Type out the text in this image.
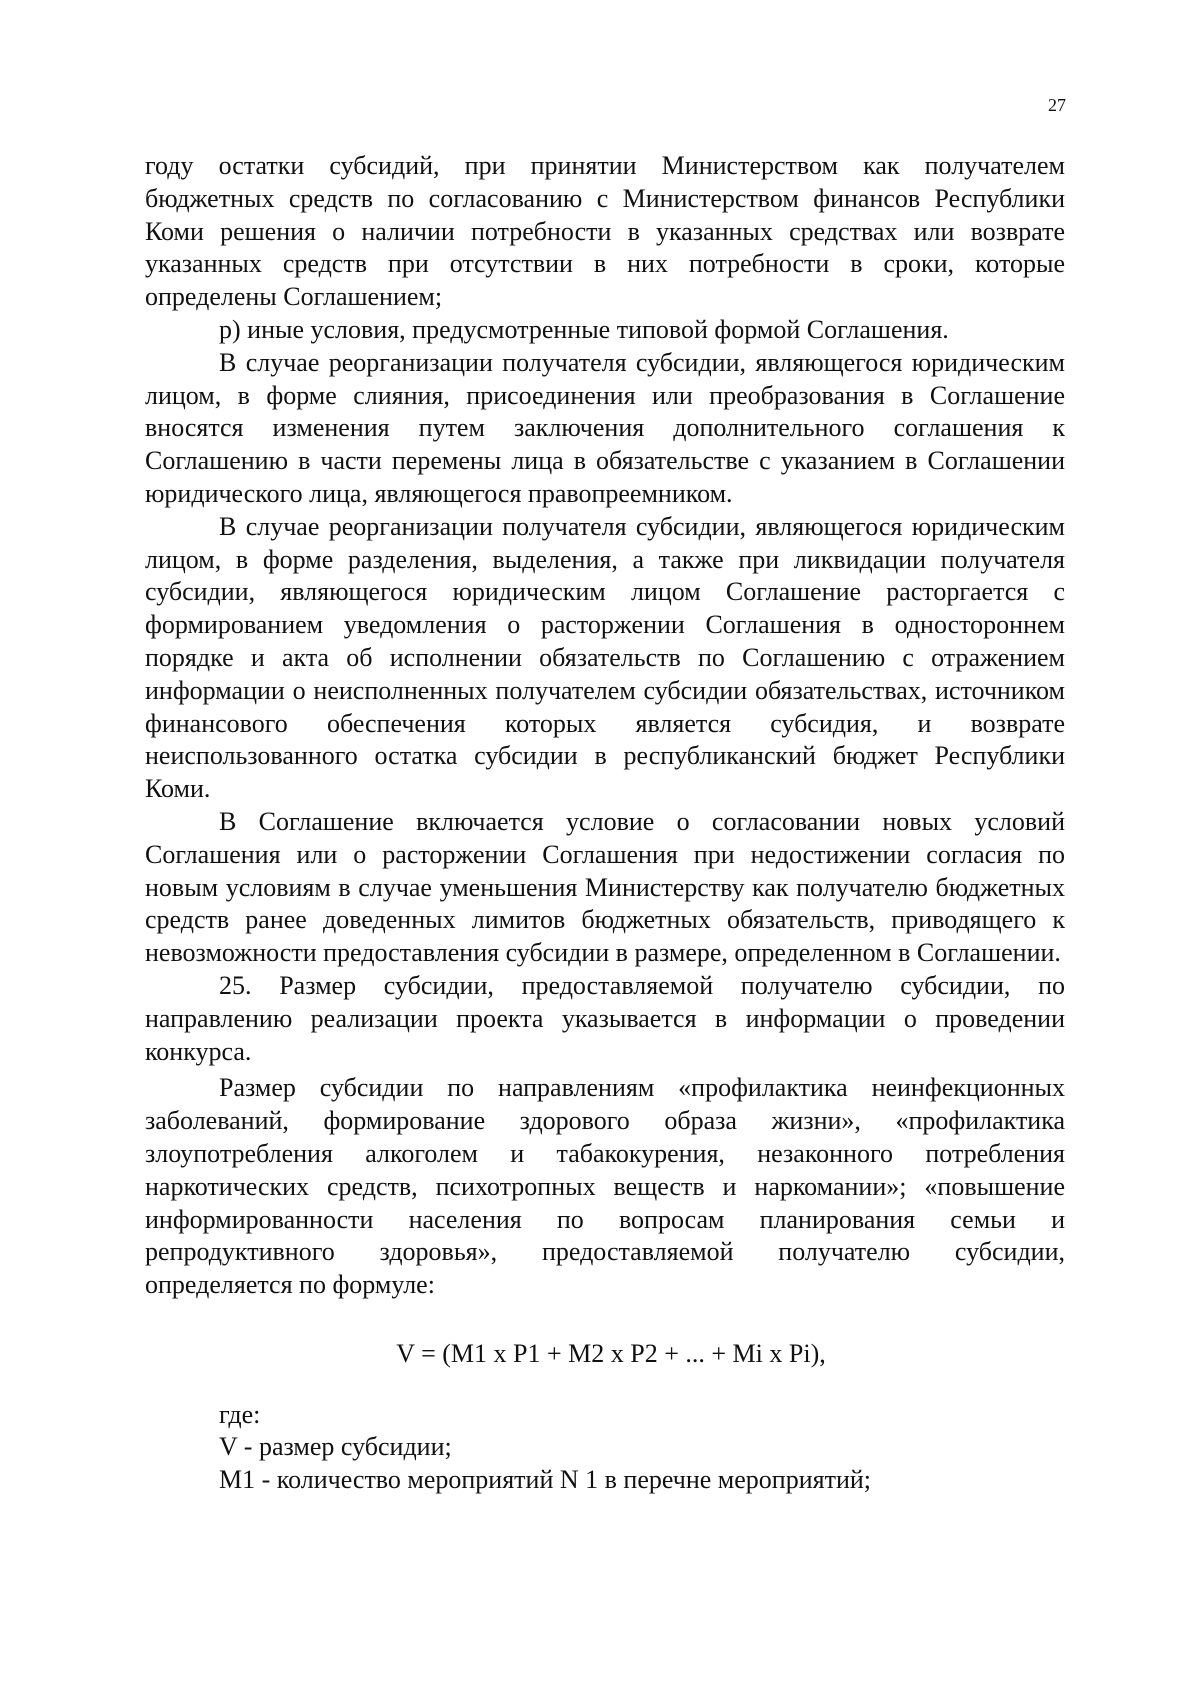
27

году остатки субсидий, при принятии Министерством как получателем бюджетных средств по согласованию с Министерством финансов Республики Коми решения о наличии потребности в указанных средствах или возврате указанных средств при отсутствии в них потребности в сроки, которые определены Соглашением;

р) иные условия, предусмотренные типовой формой Соглашения.

В случае реорганизации получателя субсидии, являющегося юридическим лицом, в форме слияния, присоединения или преобразования в Соглашение вносятся изменения путем заключения дополнительного соглашения к Соглашению в части перемены лица в обязательстве с указанием в Соглашении юридического лица, являющегося правопреемником.

В случае реорганизации получателя субсидии, являющегося юридическим лицом, в форме разделения, выделения, а также при ликвидации получателя субсидии, являющегося юридическим лицом Соглашение расторгается с формированием уведомления о расторжении Соглашения в одностороннем порядке и акта об исполнении обязательств по Соглашению с отражением информации о неисполненных получателем субсидии обязательствах, источником финансового обеспечения которых является субсидия, и возврате неиспользованного остатка субсидии в республиканский бюджет Республики Коми.

В Соглашение включается условие о согласовании новых условий Соглашения или о расторжении Соглашения при недостижении согласия по новым условиям в случае уменьшения Министерству как получателю бюджетных средств ранее доведенных лимитов бюджетных обязательств, приводящего к невозможности предоставления субсидии в размере, определенном в Соглашении.

25. Размер субсидии, предоставляемой получателю субсидии, по направлению реализации проекта указывается в информации о проведении конкурса.

Размер субсидии по направлениям «профилактика неинфекционных заболеваний, формирование здорового образа жизни», «профилактика злоупотребления алкоголем и табакокурения, незаконного потребления наркотических средств, психотропных веществ и наркомании»; «повышение информированности населения по вопросам планирования семьи и репродуктивного здоровья», предоставляемой получателю субсидии, определяется по формуле:

V = (M1 x P1 + M2 x P2 + ... + Mi x Pi),

где:

V - размер субсидии;

M1 - количество мероприятий N 1 в перечне мероприятий;
